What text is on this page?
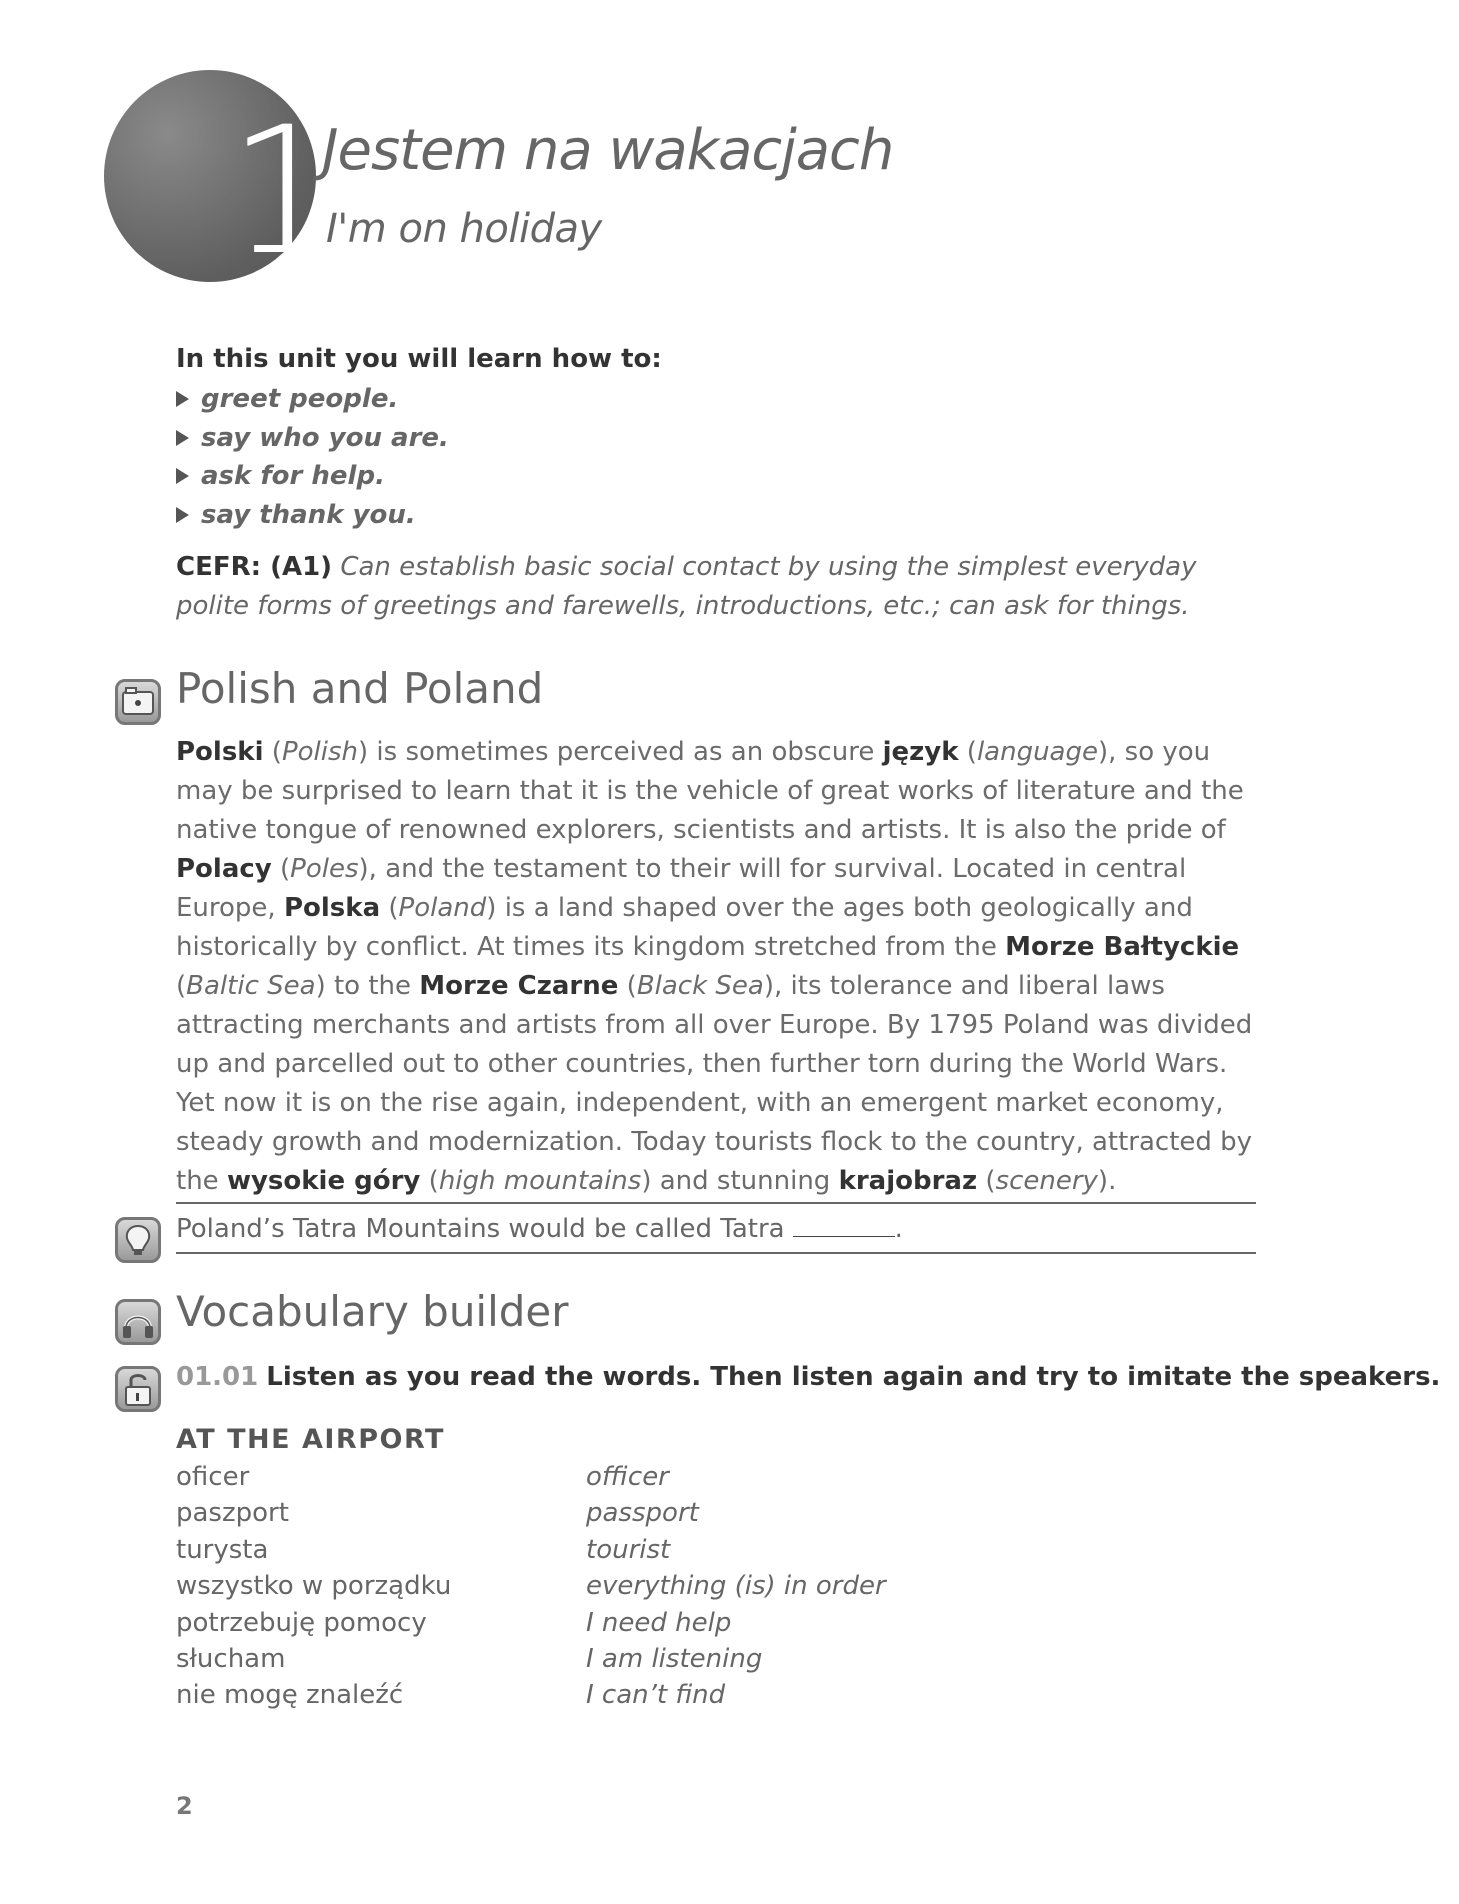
1
Jestem na wakacjach
I'm on holiday
In this unit you will learn how to:
greet people.
say who you are.
ask for help.
say thank you.
CEFR: (A1) Can establish basic social contact by using the simplest everyday polite forms of greetings and farewells, introductions, etc.; can ask for things.
Polish and Poland
Polski (Polish) is sometimes perceived as an obscure język (language), so you may be surprised to learn that it is the vehicle of great works of literature and the native tongue of renowned explorers, scientists and artists. It is also the pride of Polacy (Poles), and the testament to their will for survival. Located in central Europe, Polska (Poland) is a land shaped over the ages both geologically and historically by conflict. At times its kingdom stretched from the Morze Bałtyckie (Baltic Sea) to the Morze Czarne (Black Sea), its tolerance and liberal laws attracting merchants and artists from all over Europe. By 1795 Poland was divided up and parcelled out to other countries, then further torn during the World Wars. Yet now it is on the rise again, independent, with an emergent market economy, steady growth and modernization. Today tourists flock to the country, attracted by the wysokie góry (high mountains) and stunning krajobraz (scenery).
Poland’s Tatra Mountains would be called Tatra	.
Vocabulary builder
01.01 Listen as you read the words. Then listen again and try to imitate the speakers.
AT THE AIRPORT
oficer	officer
paszport	passport
turysta	tourist
wszystko w porządku	everything (is) in order
potrzebuję pomocy	I need help
słucham	I am listening
nie mogę znaleźć	I can’t find
2
